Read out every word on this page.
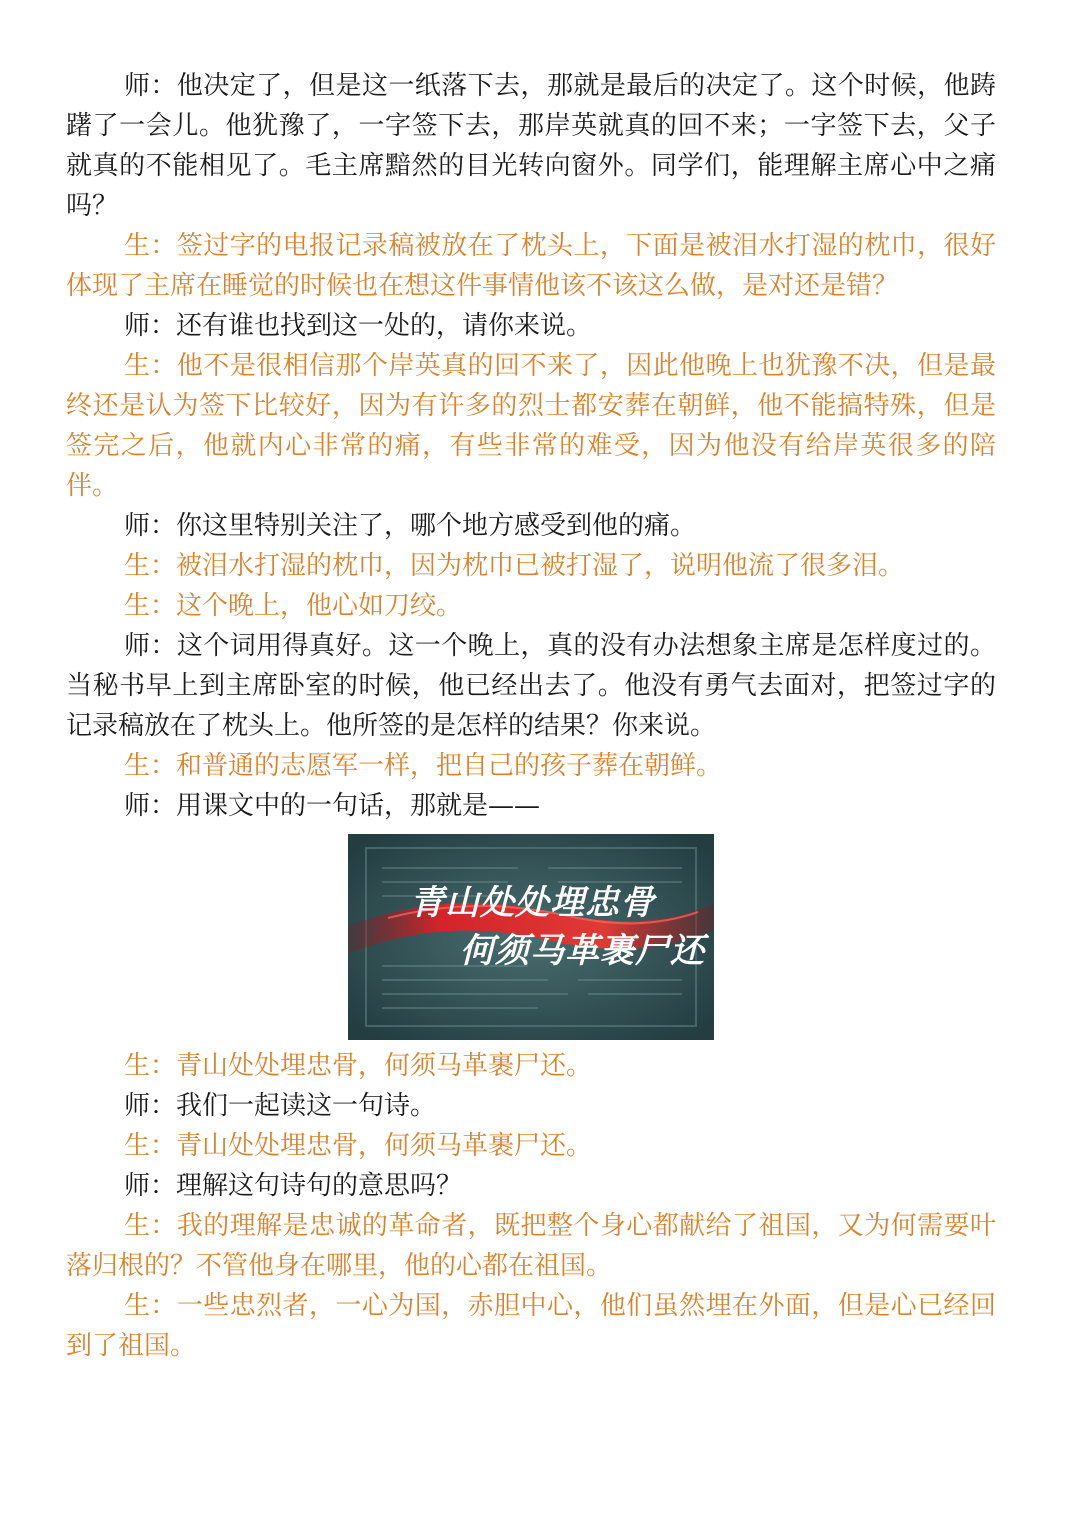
师：他决定了，但是这一纸落下去，那就是最后的决定了。这个时候，他踌躇了一会儿。他犹豫了，一字签下去，那岸英就真的回不来；一字签下去，父子就真的不能相见了。毛主席黯然的目光转向窗外。同学们，能理解主席心中之痛吗？

生：签过字的电报记录稿被放在了枕头上，下面是被泪水打湿的枕巾，很好体现了主席在睡觉的时候也在想这件事情他该不该这么做，是对还是错？

师：还有谁也找到这一处的，请你来说。

生：他不是很相信那个岸英真的回不来了，因此他晚上也犹豫不决，但是最终还是认为签下比较好，因为有许多的烈士都安葬在朝鲜，他不能搞特殊，但是签完之后，他就内心非常的痛，有些非常的难受，因为他没有给岸英很多的陪伴。

师：你这里特别关注了，哪个地方感受到他的痛。

生：被泪水打湿的枕巾，因为枕巾已被打湿了，说明他流了很多泪。

生：这个晚上，他心如刀绞。

师：这个词用得真好。这一个晚上，真的没有办法想象主席是怎样度过的。当秘书早上到主席卧室的时候，他已经出去了。他没有勇气去面对，把签过字的记录稿放在了枕头上。他所签的是怎样的结果？你来说。

生：和普通的志愿军一样，把自己的孩子葬在朝鲜。

师：用课文中的一句话，那就是——

青山处处埋忠骨
何须马革裹尸还

生：青山处处埋忠骨，何须马革裹尸还。

师：我们一起读这一句诗。

生：青山处处埋忠骨，何须马革裹尸还。

师：理解这句诗句的意思吗？

生：我的理解是忠诚的革命者，既把整个身心都献给了祖国，又为何需要叶落归根的？不管他身在哪里，他的心都在祖国。

生：一些忠烈者，一心为国，赤胆中心，他们虽然埋在外面，但是心已经回到了祖国。
